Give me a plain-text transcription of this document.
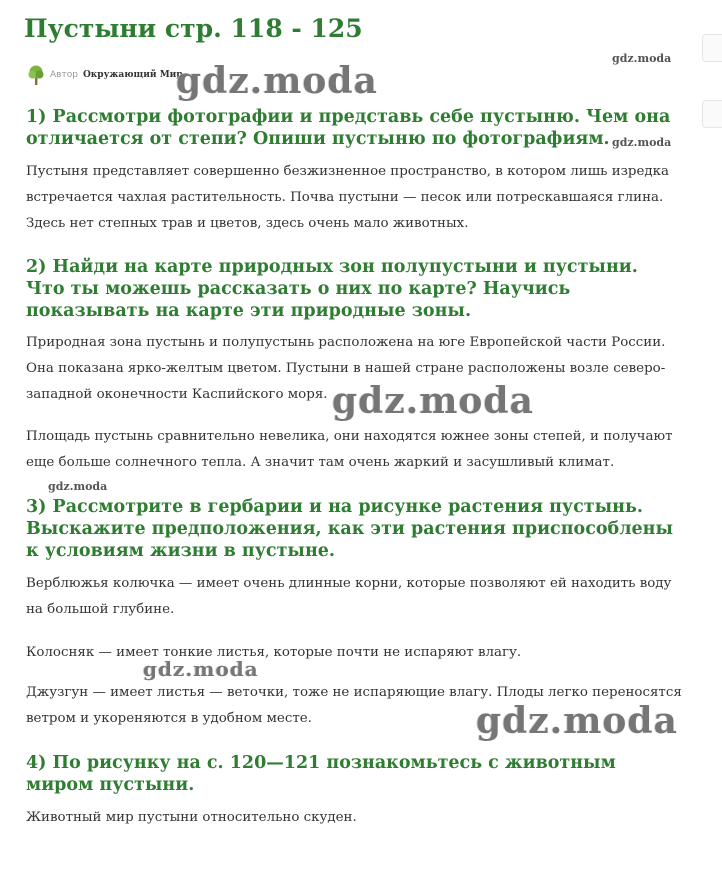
Пустыни стр. 118 - 125
Автор Окружающий Мир
1) Рассмотри фотографии и представь себе пустыню. Чем она отличается от степи? Опиши пустыню по фотографиям.
Пустыня представляет совершенно безжизненное пространство, в котором лишь изредка встречается чахлая растительность. Почва пустыни — песок или потрескавшаяся глина. Здесь нет степных трав и цветов, здесь очень мало животных.
2) Найди на карте природных зон полупустыни и пустыни. Что ты можешь рассказать о них по карте? Научись показывать на карте эти природные зоны.
Природная зона пустынь и полупустынь расположена на юге Европейской части России. Она показана ярко-желтым цветом. Пустыни в нашей стране расположены возле северо-западной оконечности Каспийского моря.
Площадь пустынь сравнительно невелика, они находятся южнее зоны степей, и получают еще больше солнечного тепла. А значит там очень жаркий и засушливый климат.
3) Рассмотрите в гербарии и на рисунке растения пустынь. Выскажите предположения, как эти растения приспособлены к условиям жизни в пустыне.
Верблюжья колючка — имеет очень длинные корни, которые позволяют ей находить воду на большой глубине.
Колосняк — имеет тонкие листья, которые почти не испаряют влагу.
Джузгун — имеет листья — веточки, тоже не испаряющие влагу. Плоды легко переносятся ветром и укореняются в удобном месте.
4) По рисунку на с. 120—121 познакомьтесь с животным миром пустыни.
Животный мир пустыни относительно скуден.
gdz.moda
gdz.moda
gdz.moda
gdz.moda
gdz.moda
gdz.moda
gdz.moda
